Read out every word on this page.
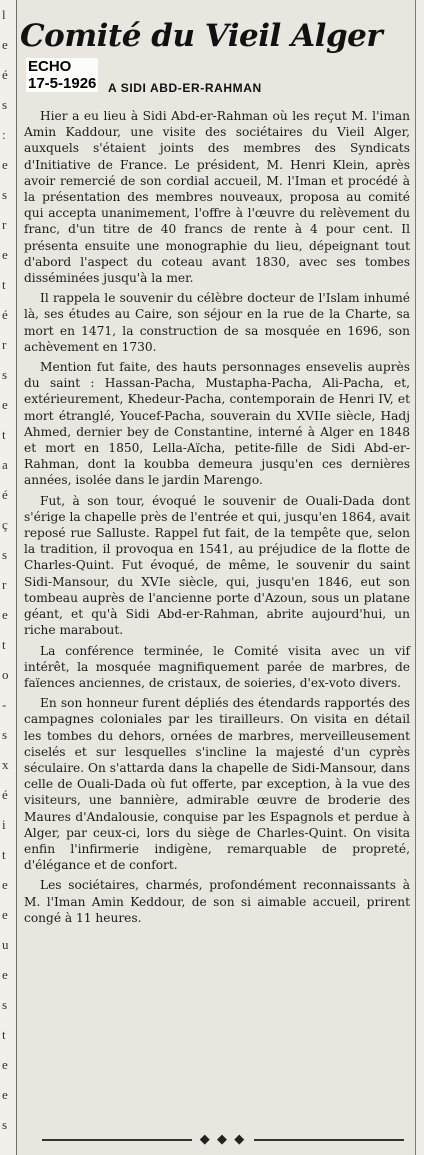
l
e
é
s
:
e
s
r
e
t
é
r
s
e
t
a
é
ç
s
r
e
t
o
-
s
x
é
i
t
e
e
u
e
s
t
e
e
s
Comité du Vieil Alger
ECHO
17-5-1926 A SIDI ABD-ER-RAHMAN

Hier a eu lieu à Sidi Abd-er-Rahman où les reçut M. l'iman Amin Kaddour, une visite des sociétaires du Vieil Alger, auxquels s'étaient joints des membres des Syndicats d'Initiative de France. Le président, M. Henri Klein, après avoir remercié de son cordial accueil, M. l'Iman et procédé à la présentation des membres nouveaux, proposa au comité qui accepta unanimement, l'offre à l'œuvre du relèvement du franc, d'un titre de 40 francs de rente à 4 pour cent. Il présenta ensuite une monographie du lieu, dépeignant tout d'abord l'aspect du coteau avant 1830, avec ses tombes disséminées jusqu'à la mer.

Il rappela le souvenir du célèbre docteur de l'Islam inhumé là, ses études au Caire, son séjour en la rue de la Charte, sa mort en 1471, la construction de sa mosquée en 1696, son achèvement en 1730.

Mention fut faite, des hauts personnages ensevelis auprès du saint : Hassan-Pacha, Mustapha-Pacha, Ali-Pacha, et, extérieurement, Khedeur-Pacha, contemporain de Henri IV, et mort étranglé, Youcef-Pacha, souverain du XVIIe siècle, Hadj Ahmed, dernier bey de Constantine, interné à Alger en 1848 et mort en 1850, Lella-Aïcha, petite-fille de Sidi Abd-er-Rahman, dont la koubba demeura jusqu'en ces dernières années, isolée dans le jardin Marengo.

Fut, à son tour, évoqué le souvenir de Ouali-Dada dont s'érige la chapelle près de l'entrée et qui, jusqu'en 1864, avait reposé rue Salluste. Rappel fut fait, de la tempête que, selon la tradition, il provoqua en 1541, au préjudice de la flotte de Charles-Quint. Fut évoqué, de même, le souvenir du saint Sidi-Mansour, du XVIe siècle, qui, jusqu'en 1846, eut son tombeau auprès de l'ancienne porte d'Azoun, sous un platane géant, et qu'à Sidi Abd-er-Rahman, abrite aujourd'hui, un riche marabout.

La conférence terminée, le Comité visita avec un vif intérêt, la mosquée magnifiquement parée de marbres, de faïences anciennes, de cristaux, de soieries, d'ex-voto divers.

En son honneur furent dépliés des étendards rapportés des campagnes coloniales par les tirailleurs. On visita en détail les tombes du dehors, ornées de marbres, merveilleusement ciselés et sur lesquelles s'incline la majesté d'un cyprès séculaire. On s'attarda dans la chapelle de Sidi-Mansour, dans celle de Ouali-Dada où fut offerte, par exception, à la vue des visiteurs, une bannière, admirable œuvre de broderie des Maures d'Andalousie, conquise par les Espagnols et perdue à Alger, par ceux-ci, lors du siège de Charles-Quint. On visita enfin l'infirmerie indigène, remarquable de propreté, d'élégance et de confort.

Les sociétaires, charmés, profondément reconnaissants à M. l'Iman Amin Keddour, de son si aimable accueil, prirent congé à 11 heures.

◆ ◆ ◆
